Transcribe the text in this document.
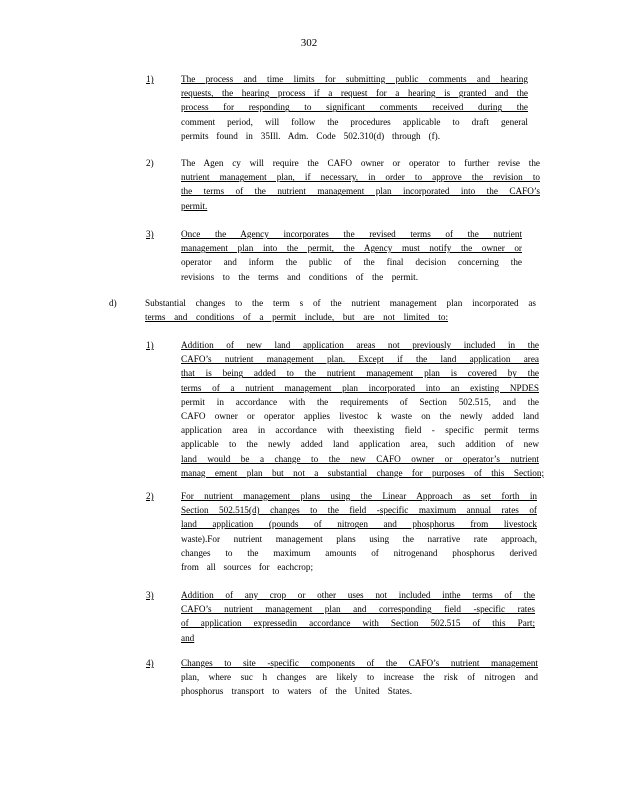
302
1)	The process and time limits for submitting public comments and hearing
requests, the hearing process if a request for a hearing is granted and the
process for responding to significant comments received during the
comment period, will follow the procedures applicable to draft general
permits found in 35Ill. Adm. Code 502.310(d) through (f).
2)	The Agen cy will require the CAFO owner or operator to further revise the
nutrient management plan, if necessary, in order to approve the revision to
the terms of the nutrient management plan incorporated into the CAFO’s
permit.
3)	Once the Agency incorporates the revised terms of the nutrient
management plan into the permit, the Agency must notify the owner or
operator and inform the public of the final decision concerning the
revisions to the terms and conditions of the permit.
d)	Substantial changes to the term s of the nutrient management plan incorporated as
terms and conditions of a permit include, but are not limited to:
1)	Addition of new land application areas not previously included in the
CAFO’s nutrient management plan. Except if the land application area
that is being added to the nutrient management plan is covered by the
terms of a nutrient management plan incorporated into an existing NPDES
permit in accordance with the requirements of Section 502.515, and the
CAFO owner or operator applies livestoc k waste on the newly added land
application area in accordance with theexisting field - specific permit terms
applicable to the newly added land application area, such addition of new
land would be a change to the new CAFO owner or operator’s nutrient
manag ement plan but not a substantial change for purposes of this Section;
2)	For nutrient management plans using the Linear Approach as set forth in
Section 502.515(d) changes to the field -specific maximum annual rates of
land application (pounds of nitrogen and phosphorus from livestock
waste).For nutrient management plans using the narrative rate approach,
changes to the maximum amounts of nitrogenand phosphorus derived
from all sources for eachcrop;
3)	Addition of any crop or other uses not included inthe terms of the
CAFO’s nutrient management plan and corresponding field -specific rates
of application expressedin accordance with Section 502.515 of this Part;
and
4)	Changes to site -specific components of the CAFO’s nutrient management
plan, where suc h changes are likely to increase the risk of nitrogen and
phosphorus transport to waters of the United States.
